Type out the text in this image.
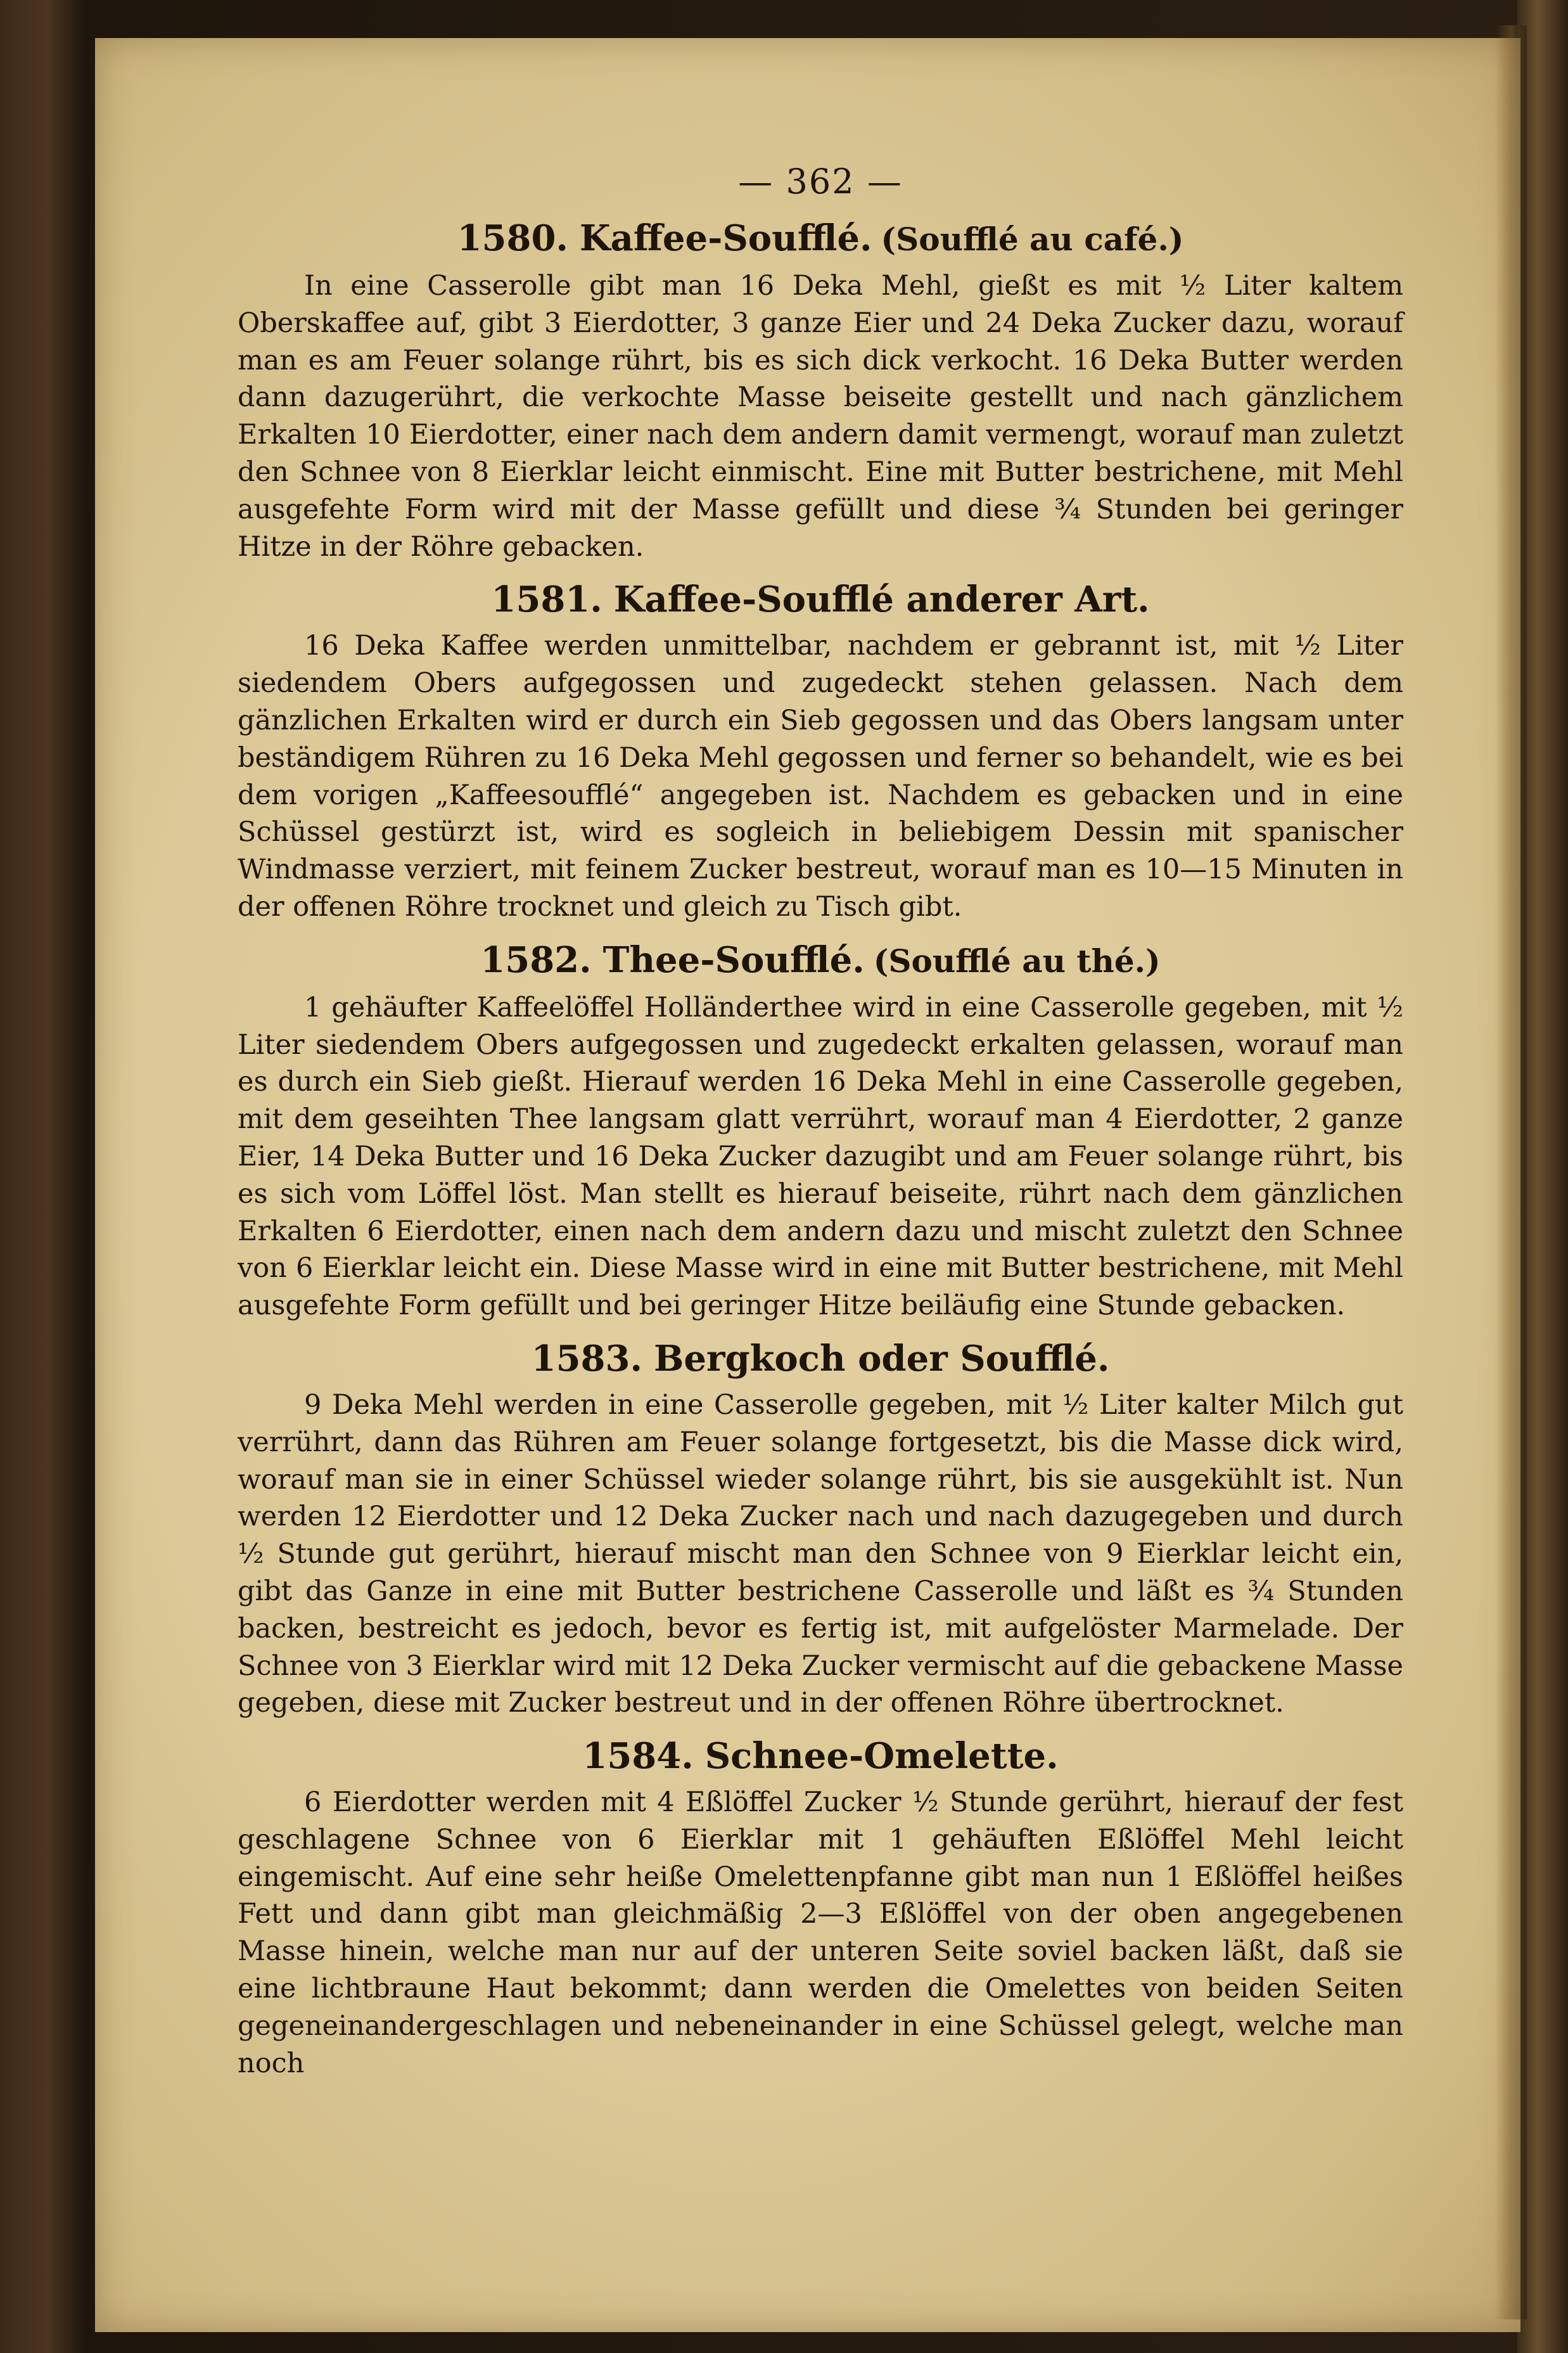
— 362 —
1580. Kaffee-Soufflé. (Soufflé au café.)

In eine Casserolle gibt man 16 Deka Mehl, gießt es mit ½ Liter kaltem Oberskaffee auf, gibt 3 Eierdotter, 3 ganze Eier und 24 Deka Zucker dazu, worauf man es am Feuer solange rührt, bis es sich dick verkocht. 16 Deka Butter werden dann dazugerührt, die verkochte Masse beiseite gestellt und nach gänzlichem Erkalten 10 Eierdotter, einer nach dem andern damit vermengt, worauf man zuletzt den Schnee von 8 Eierklar leicht einmischt. Eine mit Butter bestrichene, mit Mehl ausgefehte Form wird mit der Masse gefüllt und diese ¾ Stunden bei geringer Hitze in der Röhre gebacken.

1581. Kaffee-Soufflé anderer Art.

16 Deka Kaffee werden unmittelbar, nachdem er gebrannt ist, mit ½ Liter siedendem Obers aufgegossen und zugedeckt stehen gelassen. Nach dem gänzlichen Erkalten wird er durch ein Sieb gegossen und das Obers langsam unter beständigem Rühren zu 16 Deka Mehl gegossen und ferner so behandelt, wie es bei dem vorigen „Kaffeesoufflé“ angegeben ist. Nachdem es gebacken und in eine Schüssel gestürzt ist, wird es sogleich in beliebigem Dessin mit spanischer Windmasse verziert, mit feinem Zucker bestreut, worauf man es 10—15 Minuten in der offenen Röhre trocknet und gleich zu Tisch gibt.

1582. Thee-Soufflé. (Soufflé au thé.)

1 gehäufter Kaffeelöffel Holländerthee wird in eine Casserolle gegeben, mit ½ Liter siedendem Obers aufgegossen und zugedeckt erkalten gelassen, worauf man es durch ein Sieb gießt. Hierauf werden 16 Deka Mehl in eine Casserolle gegeben, mit dem geseihten Thee langsam glatt verrührt, worauf man 4 Eierdotter, 2 ganze Eier, 14 Deka Butter und 16 Deka Zucker dazugibt und am Feuer solange rührt, bis es sich vom Löffel löst. Man stellt es hierauf beiseite, rührt nach dem gänzlichen Erkalten 6 Eierdotter, einen nach dem andern dazu und mischt zuletzt den Schnee von 6 Eierklar leicht ein. Diese Masse wird in eine mit Butter bestrichene, mit Mehl ausgefehte Form gefüllt und bei geringer Hitze beiläufig eine Stunde gebacken.

1583. Bergkoch oder Soufflé.

9 Deka Mehl werden in eine Casserolle gegeben, mit ½ Liter kalter Milch gut verrührt, dann das Rühren am Feuer solange fortgesetzt, bis die Masse dick wird, worauf man sie in einer Schüssel wieder solange rührt, bis sie ausgekühlt ist. Nun werden 12 Eierdotter und 12 Deka Zucker nach und nach dazugegeben und durch ½ Stunde gut gerührt, hierauf mischt man den Schnee von 9 Eierklar leicht ein, gibt das Ganze in eine mit Butter bestrichene Casserolle und läßt es ¾ Stunden backen, bestreicht es jedoch, bevor es fertig ist, mit aufgelöster Marmelade. Der Schnee von 3 Eierklar wird mit 12 Deka Zucker vermischt auf die gebackene Masse gegeben, diese mit Zucker bestreut und in der offenen Röhre übertrocknet.

1584. Schnee-Omelette.

6 Eierdotter werden mit 4 Eßlöffel Zucker ½ Stunde gerührt, hierauf der fest geschlagene Schnee von 6 Eierklar mit 1 gehäuften Eßlöffel Mehl leicht eingemischt. Auf eine sehr heiße Omelettenpfanne gibt man nun 1 Eßlöffel heißes Fett und dann gibt man gleichmäßig 2—3 Eßlöffel von der oben angegebenen Masse hinein, welche man nur auf der unteren Seite soviel backen läßt, daß sie eine lichtbraune Haut bekommt; dann werden die Omelettes von beiden Seiten gegeneinandergeschlagen und nebeneinander in eine Schüssel gelegt, welche man noch
